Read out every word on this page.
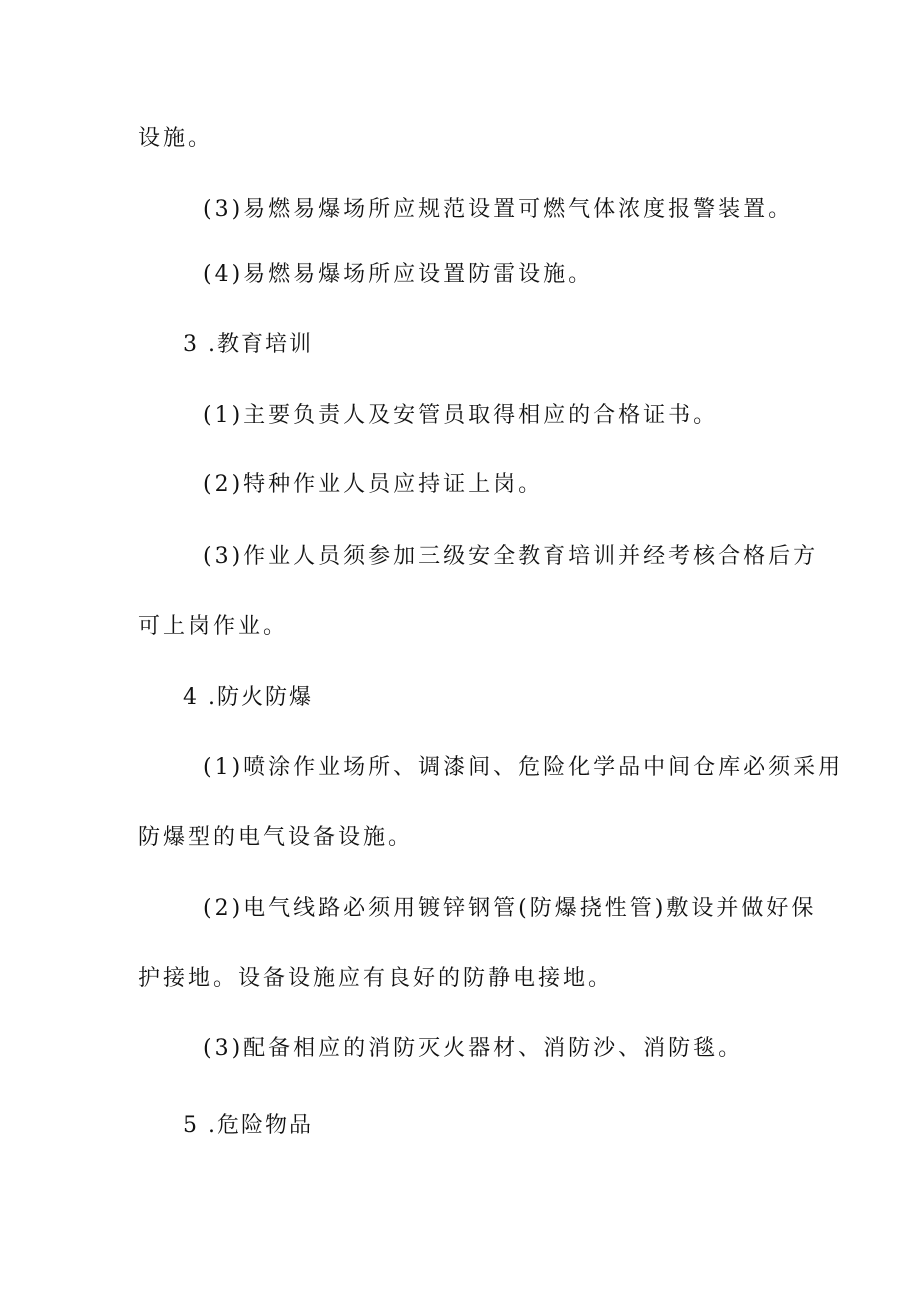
设施。
(3)易燃易爆场所应规范设置可燃气体浓度报警装置。
(4)易燃易爆场所应设置防雷设施。
3 .教育培训
(1)主要负责人及安管员取得相应的合格证书。
(2)特种作业人员应持证上岗。
(3)作业人员须参加三级安全教育培训并经考核合格后方
可上岗作业。
4 .防火防爆
(1)喷涂作业场所、调漆间、危险化学品中间仓库必须采用
防爆型的电气设备设施。
(2)电气线路必须用镀锌钢管(防爆挠性管)敷设并做好保
护接地。设备设施应有良好的防静电接地。
(3)配备相应的消防灭火器材、消防沙、消防毯。
5 .危险物品
